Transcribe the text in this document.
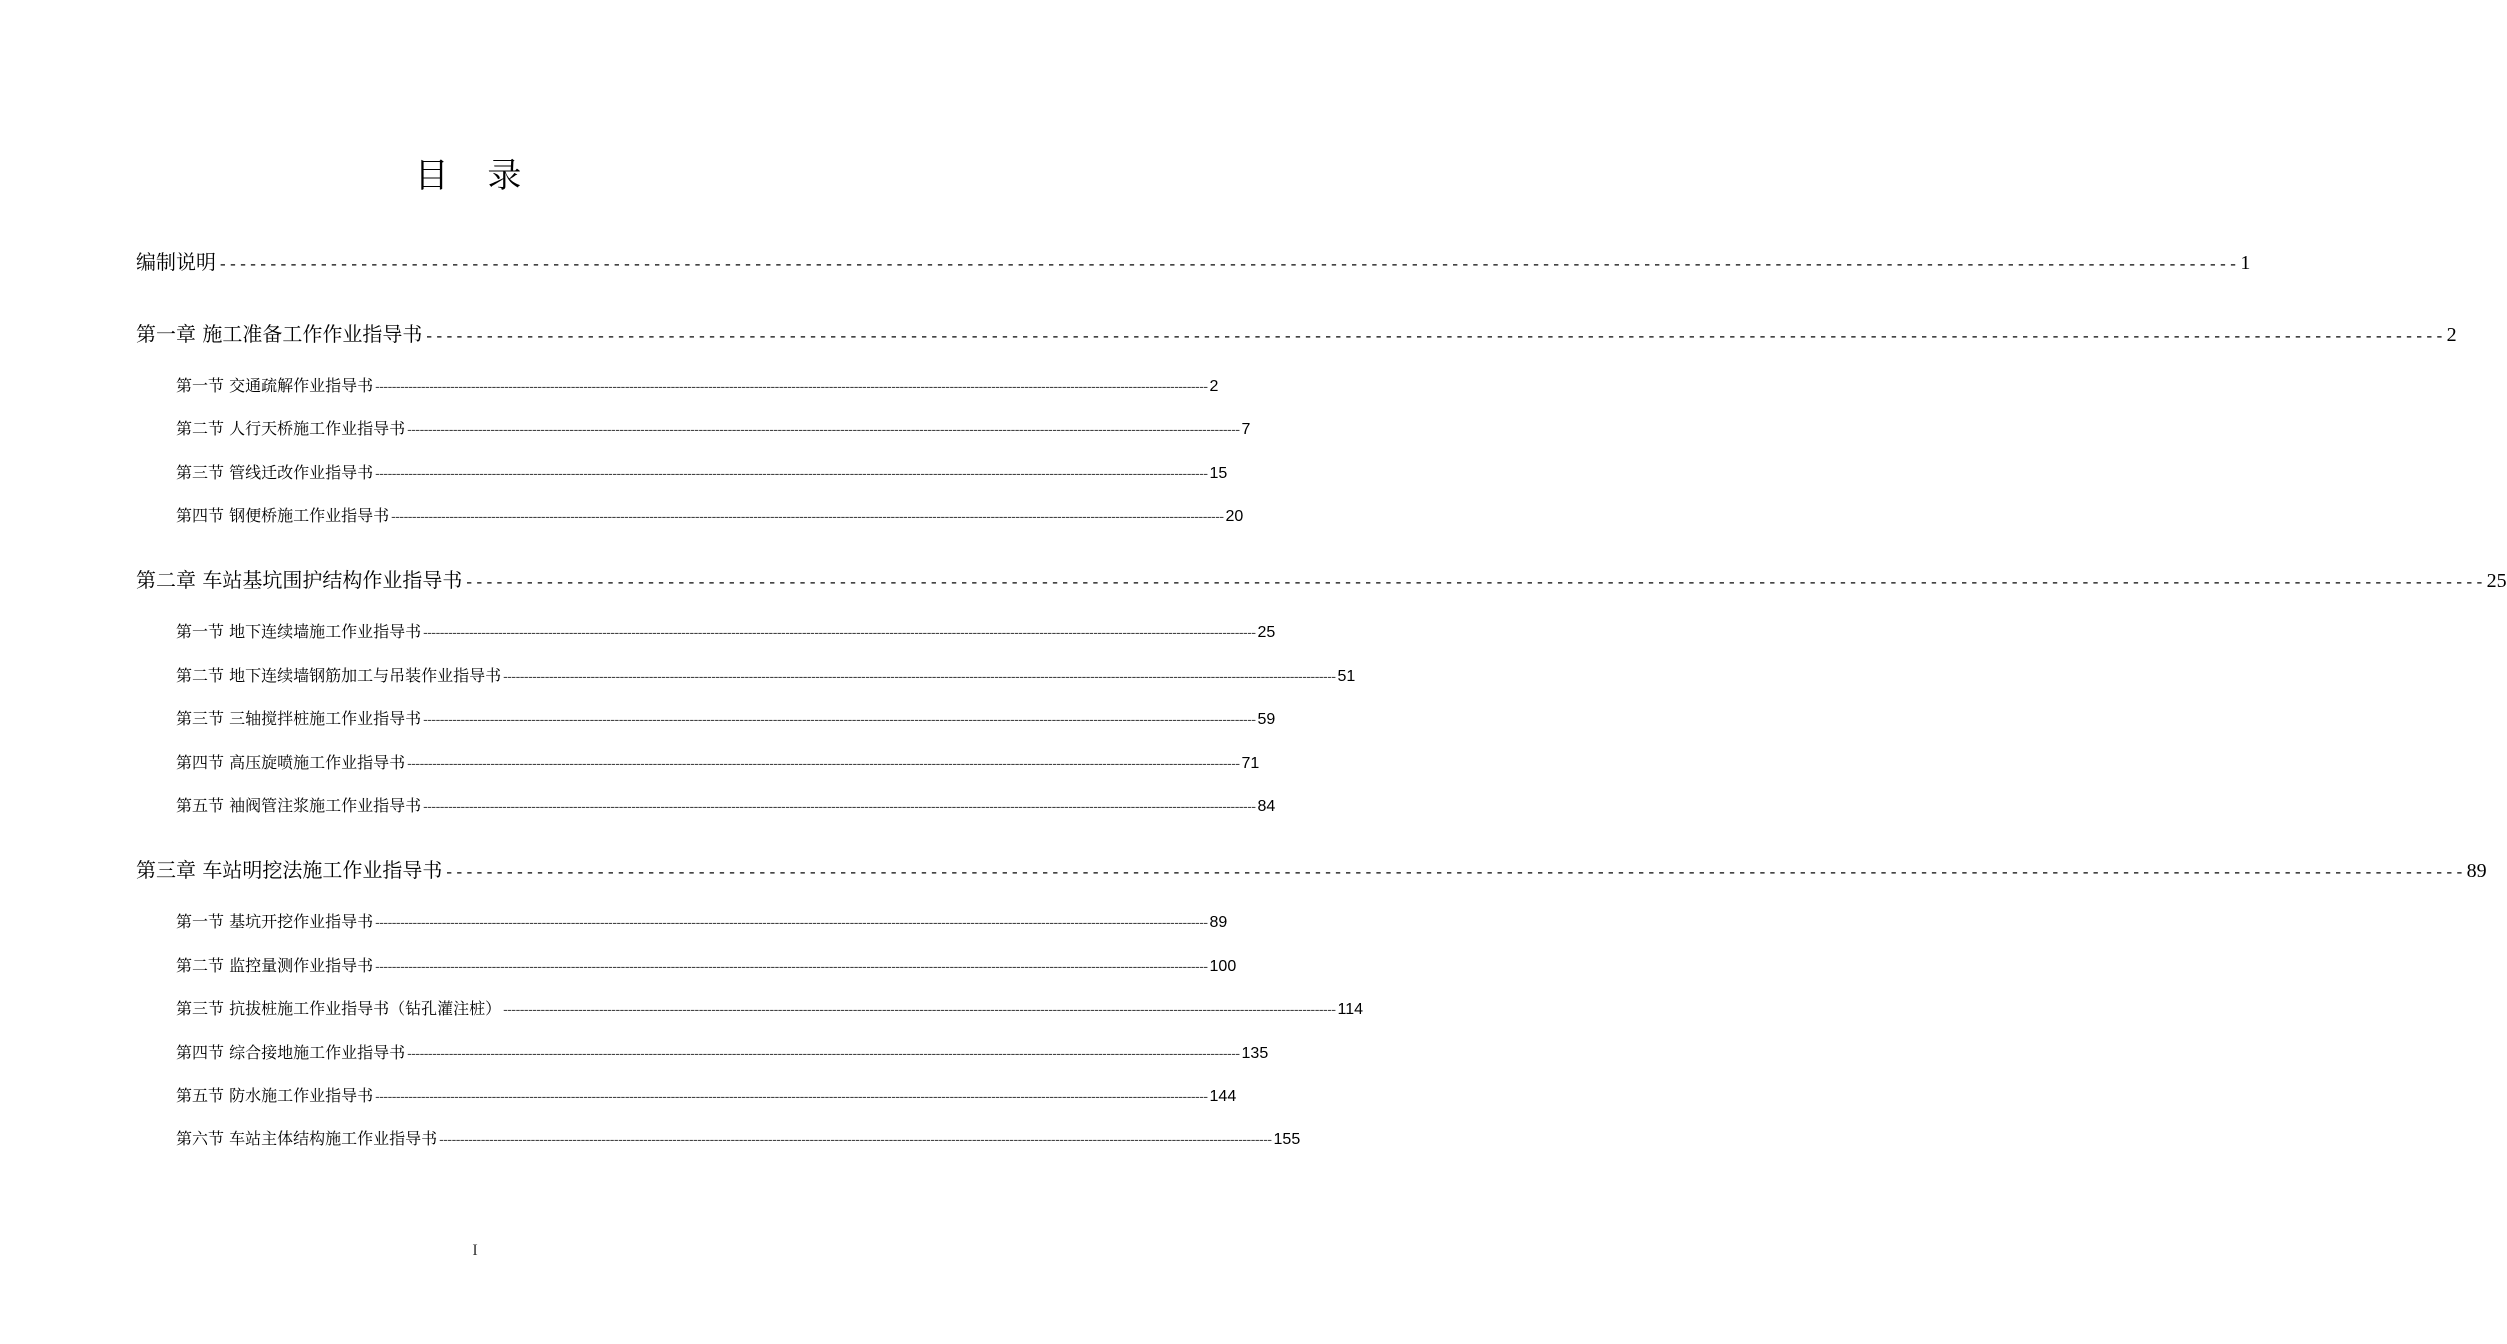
目 录
编制说明 -------------------------------------------------------------------------------------------------------------------------------------------------------------------------------------------------------- 1
第一章 施工准备工作作业指导书 -------------------------------------------------------------------------------------------------------------------------------------------------------------------------------------------------------- 2
第一节 交通疏解作业指导书 -------------------------------------------------------------------------------------------------------------------------------------------------------------------------------------------------------- 2
第二节 人行天桥施工作业指导书 -------------------------------------------------------------------------------------------------------------------------------------------------------------------------------------------------------- 7
第三节 管线迁改作业指导书 -------------------------------------------------------------------------------------------------------------------------------------------------------------------------------------------------------- 15
第四节 钢便桥施工作业指导书 -------------------------------------------------------------------------------------------------------------------------------------------------------------------------------------------------------- 20
第二章 车站基坑围护结构作业指导书 -------------------------------------------------------------------------------------------------------------------------------------------------------------------------------------------------------- 25
第一节 地下连续墙施工作业指导书 -------------------------------------------------------------------------------------------------------------------------------------------------------------------------------------------------------- 25
第二节 地下连续墙钢筋加工与吊装作业指导书 -------------------------------------------------------------------------------------------------------------------------------------------------------------------------------------------------------- 51
第三节 三轴搅拌桩施工作业指导书 -------------------------------------------------------------------------------------------------------------------------------------------------------------------------------------------------------- 59
第四节 高压旋喷施工作业指导书 -------------------------------------------------------------------------------------------------------------------------------------------------------------------------------------------------------- 71
第五节 袖阀管注浆施工作业指导书 -------------------------------------------------------------------------------------------------------------------------------------------------------------------------------------------------------- 84
第三章 车站明挖法施工作业指导书 -------------------------------------------------------------------------------------------------------------------------------------------------------------------------------------------------------- 89
第一节 基坑开挖作业指导书 -------------------------------------------------------------------------------------------------------------------------------------------------------------------------------------------------------- 89
第二节 监控量测作业指导书 -------------------------------------------------------------------------------------------------------------------------------------------------------------------------------------------------------- 100
第三节 抗拔桩施工作业指导书（钻孔灌注桩） -------------------------------------------------------------------------------------------------------------------------------------------------------------------------------------------------------- 114
第四节 综合接地施工作业指导书 -------------------------------------------------------------------------------------------------------------------------------------------------------------------------------------------------------- 135
第五节 防水施工作业指导书 -------------------------------------------------------------------------------------------------------------------------------------------------------------------------------------------------------- 144
第六节 车站主体结构施工作业指导书 -------------------------------------------------------------------------------------------------------------------------------------------------------------------------------------------------------- 155
I
